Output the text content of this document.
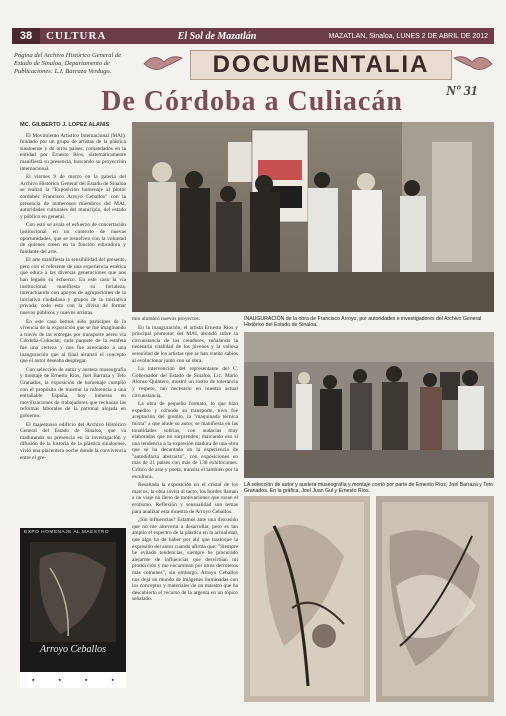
38	CULTURA	El Sol de Mazatlán	MAZATLAN, Sinaloa, LUNES 2 DE ABRIL DE 2012
Página del Archivo Histórico General de Estado de Sinaloa, Departamento de Publicaciones: L.I. Barraza Verdugo.	DOCUMENTALIA
De Córdoba a Culiacán	Nº 31

MC. GILBERTO J. LÓPEZ ALANÍS

El Movimiento Artístico Internacional (MAI), fundado por un grupo de artistas de la plástica sinaloense y de otros países, comandados en la entidad por Ernesto Ríos, sistemáticamente manifiesta su presencia, buscando su proyección internacional.

El viernes 9 de marzo en la galería del Archivo Histórico General del Estado de Sinaloa se realizó la "Exposición homenaje al pintor cordobés Francisco Arroyo Ceballos" con la presencia de numerosos miembros del MAI, autoridades culturales del municipio, del estado y público en general.

Con esto se avala el esfuerzo de concertación institucional en un contexto de nuevas oportunidades, que se resuelven con la voluntad de quienes creen en la función educadora y fundante del arte.

El arte manifiesta la sensibilidad del presente, pero con el referente de una experiencia estética que educa a las diversas generaciones que nos han legado su esfuerzo. En este caso la vía institucional manifiesta su fortaleza, interactuando con apoyos de agrupaciones de la iniciativa ciudadana y grupos de la iniciativa privada; todo esto con la divisa de formar nuevos públicos y nuevos artistas.

En este caso hemos sido partícipes de la vivencia de la exposición que se fue imaginando a través de las entregas por transporte aéreo vía Córdoba-Culiacán; cada paquete de la estafeta fue una certeza y nos fue acercando a una inauguración que al final alcanzó el concepto que el autor deseaba desplegar.

Con selección de autor y austera museografía y montaje de Ernesto Ríos, Joel Barraza y Teto Granados, la exposición de homenaje cumplió con el propósito de mostrar la referencia a una entrañable España, hoy inmersa en movilizaciones de trabajadores que rechazan las reformas laborales de la patronal alojada en gobierno.

El majestuoso edificio del Archivo Histórico General del Estado de Sinaloa, que va madurando su presencia en la investigación y difusión de la historia de la plástica sinaloense, vivió una placentera noche donde la convivencia entre el gre-

INAUGURACIÓN de la obra de Francisco Arroyo, por autoridades e investigadores del Archivo General Histórico del Estado de Sinaloa.

mio alumbró nuevos proyectos.

En la inauguración, el artista Ernesto Ríos y principal promotor del MAI, abundó sobre la circunstancia de los creadores, señalando la necesaria vitalidad de los jóvenes y la valiosa serenidad de los artistas que se han vuelto sabios al evolucionar junto con su obra.

La intervención del representante del C. Gobernador del Estado de Sinaloa, Lic. Mario Alonso Quintero, mostró un rostro de tolerancia y respeto, tan necesario en nuestra actual circunstancia.

La obra de pequeño formato, lo que hizo expedito y cómodo su transporte, tuvo fue aceptación del gremio, la "maquinada técnica mixta" a que alude su autor, se manifiesta en las tonalidades sobrias, con audacias muy elaboradas que no sorprenden; marcando eso sí una tendencia a la expresión madura de una obra que se ha decantado en la experiencia de "autodidacta abstracto", con exposiciones en más de 21 países con más de 130 exhibiciones. Crítico de arte y poeta, transita el también por la escultura.

Resaltada la exposición en el cristal de los marcos, la obra invita al tacto, los bordes llaman a un viaje no lleno de motivaciones que rozan el erotismo. Reflexión y sensualidad son temas para analizar esta muestra de Arroyo Ceballos.

¿Sin influencias? Estamos ante una discusión que no me atrevería a desarrollar, pero es tan amplio el espectro de la plástica en la actualidad, que algo ha de haber por ahí que trastoque la expresión del autor cuando afirma que: "Siempre he evitado tendencias, siempre he procurado alejarme de influencias que desvirtúan mi producción y me encaminan por otros derroteros más comunes", sin embargo, Arroyo Ceballos nos deja un mundo de imágenes iluminadas con los conceptos y materiales de un maestro que ha descubierto el recurso de la argenta en un tópico señalado.

LA selección de autor y austera museografía y montaje corrió por parte de Ernesto Ríos, Joel Barraza y Teto Granados. En la gráfica, Joel Juan Gul y Ernesto Ríos.
EXPO HOMENAJE AL MAESTRO
Arroyo Ceballos
■	■	■	■
